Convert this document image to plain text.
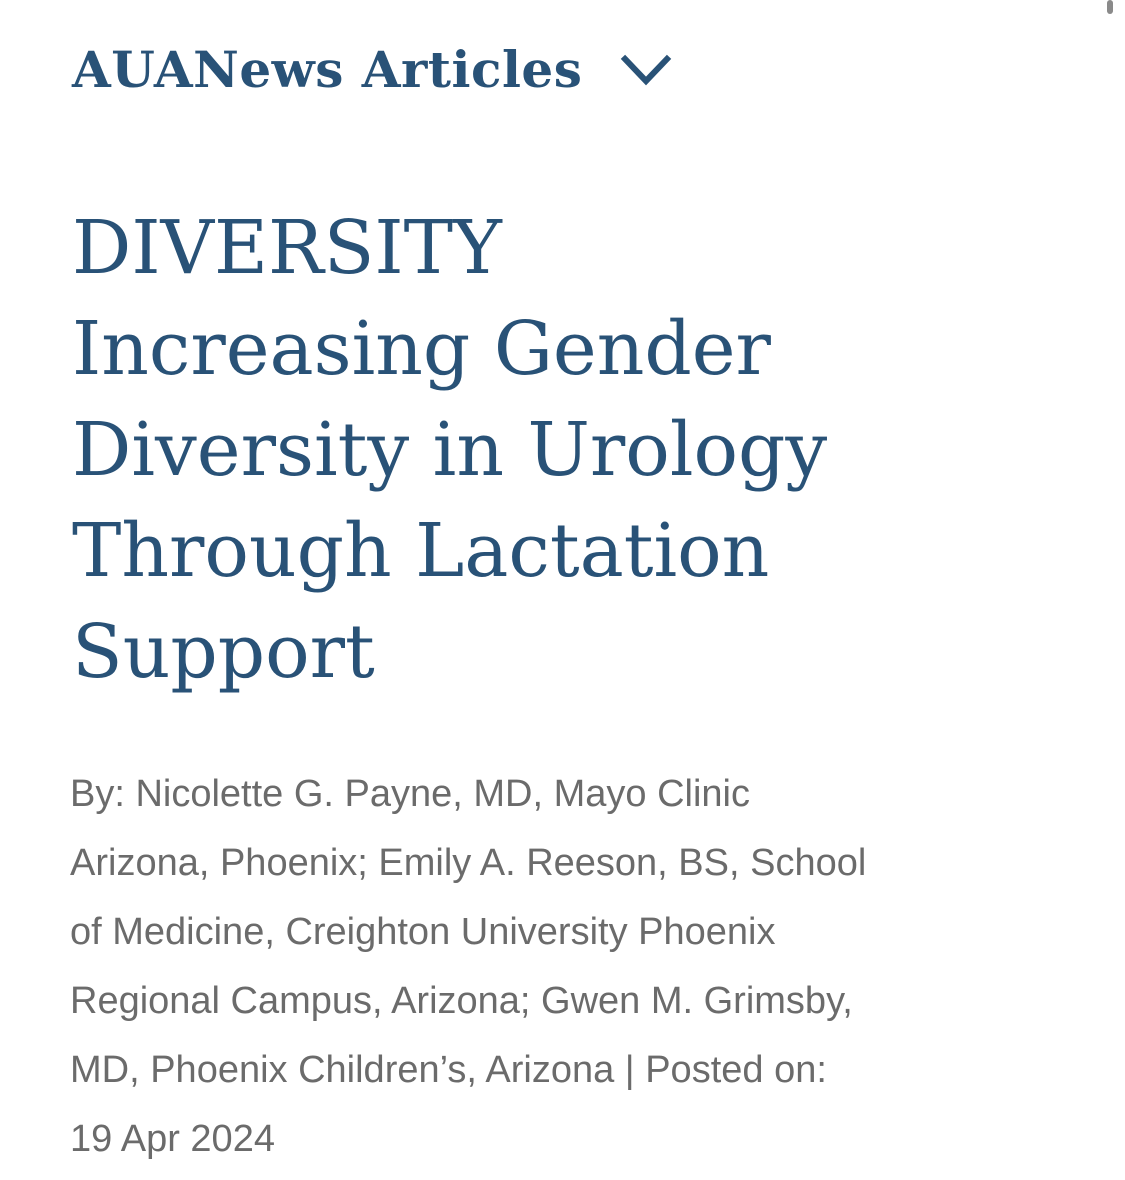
AUANews Articles
DIVERSITY
Increasing Gender
Diversity in Urology
Through Lactation
Support

By: Nicolette G. Payne, MD, Mayo Clinic
Arizona, Phoenix; Emily A. Reeson, BS, School
of Medicine, Creighton University Phoenix
Regional Campus, Arizona; Gwen M. Grimsby,
MD, Phoenix Children’s, Arizona | Posted on:
19 Apr 2024
